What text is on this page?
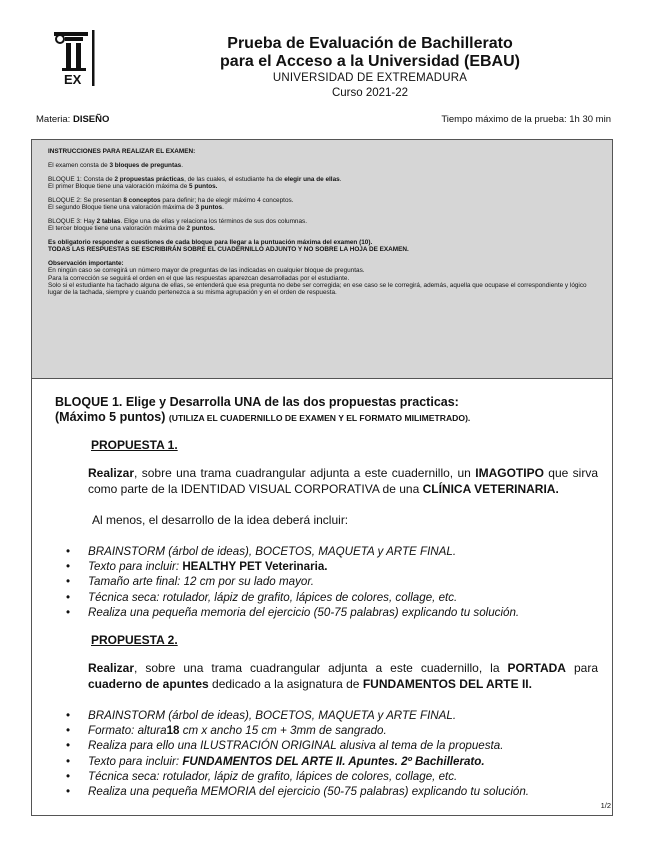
EX
Prueba de Evaluación de Bachillerato
para el Acceso a la Universidad (EBAU)
UNIVERSIDAD DE EXTREMADURA
Curso 2021-22
Materia: DISEÑO	Tiempo máximo de la prueba: 1h 30 min

INSTRUCCIONES PARA REALIZAR EL EXAMEN:

El examen consta de 3 bloques de preguntas.

BLOQUE 1: Consta de 2 propuestas prácticas, de las cuales, el estudiante ha de elegir una de ellas.
El primer Bloque tiene una valoración máxima de 5 puntos.

BLOQUE 2: Se presentan 8 conceptos para definir; ha de elegir máximo 4 conceptos.
El segundo Bloque tiene una valoración máxima de 3 puntos.

BLOQUE 3: Hay 2 tablas. Elige una de ellas y relaciona los términos de sus dos columnas.
El tercer bloque tiene una valoración máxima de 2 puntos.

Es obligatorio responder a cuestiones de cada bloque para llegar a la puntuación máxima del examen (10).
TODAS LAS RESPUESTAS SE ESCRIBIRÁN SOBRE EL CUADERNILLO ADJUNTO Y NO SOBRE LA HOJA DE EXAMEN.

Observación importante:
En ningún caso se corregirá un número mayor de preguntas de las indicadas en cualquier bloque de preguntas.
Para la corrección se seguirá el orden en el que las respuestas aparezcan desarrolladas por el estudiante.
Solo si el estudiante ha tachado alguna de ellas, se entenderá que esa pregunta no debe ser corregida; en ese caso se le corregirá, además, aquella que ocupase el correspondiente y lógico lugar de la tachada, siempre y cuando pertenezca a su misma agrupación y en el orden de respuesta.

BLOQUE 1. Elige y Desarrolla UNA de las dos propuestas practicas:
(Máximo 5 puntos) (UTILIZA EL CUADERNILLO DE EXAMEN Y EL FORMATO MILIMETRADO).
PROPUESTA 1.
Realizar, sobre una trama cuadrangular adjunta a este cuadernillo, un IMAGOTIPO que sirva como parte de la IDENTIDAD VISUAL CORPORATIVA de una CLÍNICA VETERINARIA.
Al menos, el desarrollo de la idea deberá incluir:
• BRAINSTORM (árbol de ideas), BOCETOS, MAQUETA y ARTE FINAL.
• Texto para incluir: HEALTHY PET Veterinaria.
• Tamaño arte final: 12 cm por su lado mayor.
• Técnica seca: rotulador, lápiz de grafito, lápices de colores, collage, etc.
• Realiza una pequeña memoria del ejercicio (50-75 palabras) explicando tu solución.
PROPUESTA 2.
Realizar, sobre una trama cuadrangular adjunta a este cuadernillo, la PORTADA para cuaderno de apuntes dedicado a la asignatura de FUNDAMENTOS DEL ARTE II.
• BRAINSTORM (árbol de ideas), BOCETOS, MAQUETA y ARTE FINAL.
• Formato: altura18 cm x ancho 15 cm + 3mm de sangrado.
• Realiza para ello una ILUSTRACIÓN ORIGINAL alusiva al tema de la propuesta.
• Texto para incluir: FUNDAMENTOS DEL ARTE II. Apuntes. 2º Bachillerato.
• Técnica seca: rotulador, lápiz de grafito, lápices de colores, collage, etc.
• Realiza una pequeña MEMORIA del ejercicio (50-75 palabras) explicando tu solución.
1/2
